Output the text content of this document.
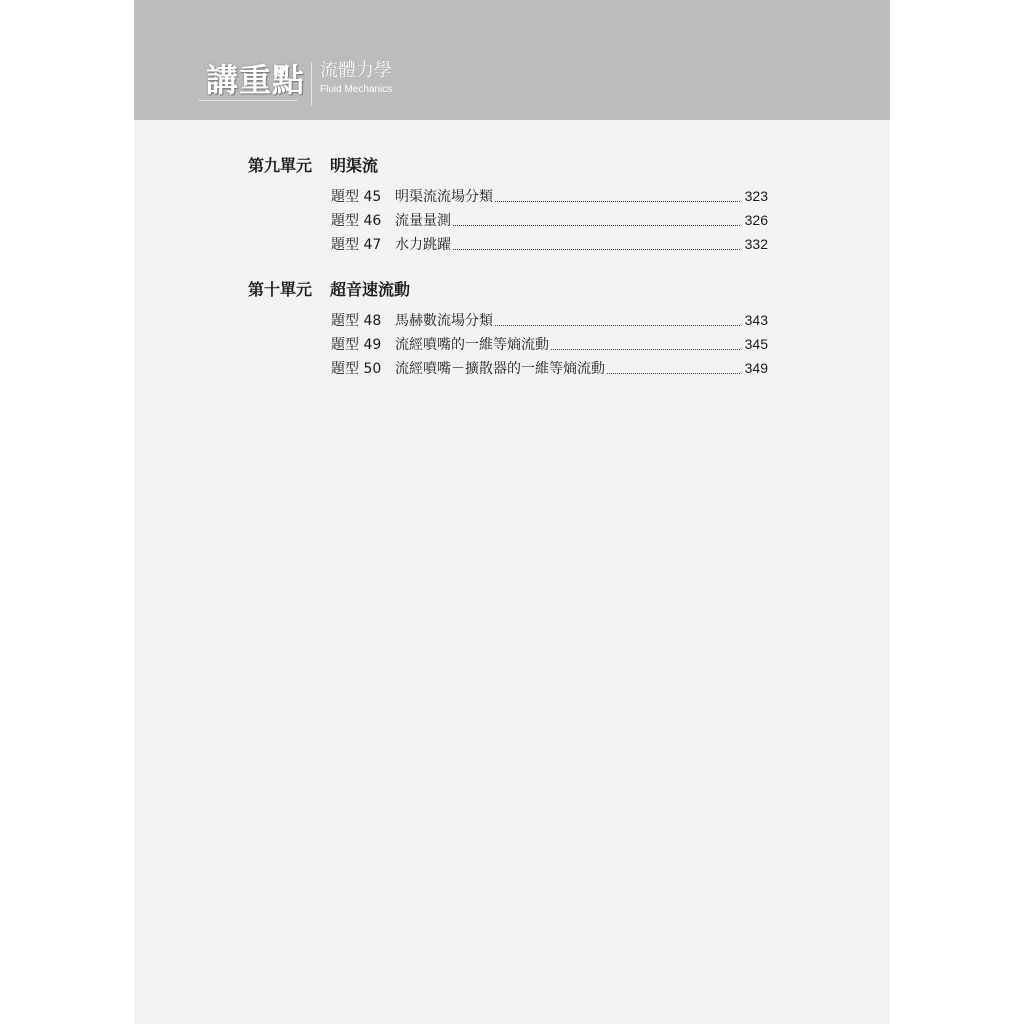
講重點 流體力學
Fluid Mechanics
第九單元	明渠流
題型 45 明渠流流場分類	323
題型 46 流量量測	326
題型 47 水力跳躍	332
第十單元	超音速流動
題型 48 馬赫數流場分類	343
題型 49 流經噴嘴的一維等熵流動	345
題型 50 流經噴嘴－擴散器的一維等熵流動	349
